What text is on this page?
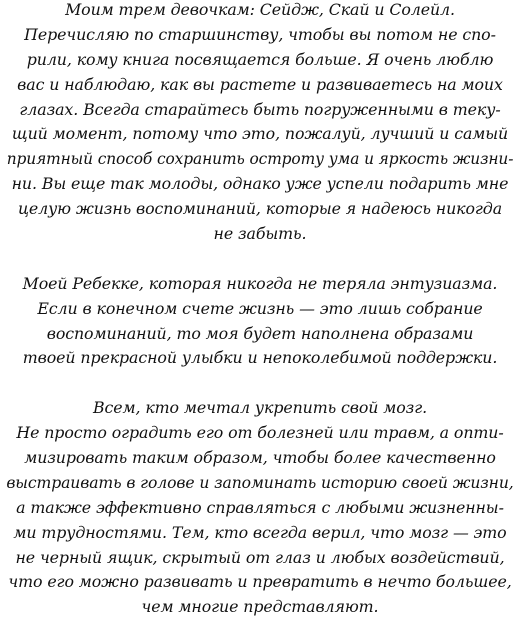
Моим трем девочкам: Сейдж, Скай и Солейл.
Перечисляю по старшинству, чтобы вы потом не спо-
рили, кому книга посвящается больше. Я очень люблю
вас и наблюдаю, как вы растете и развиваетесь на моих
глазах. Всегда старайтесь быть погруженными в теку-
щий момент, потому что это, пожалуй, лучший и самый
приятный способ сохранить остроту ума и яркость жизни-
ни. Вы еще так молоды, однако уже успели подарить мне
целую жизнь воспоминаний, которые я надеюсь никогда
не забыть.
Моей Ребекке, которая никогда не теряла энтузиазма.
Если в конечном счете жизнь — это лишь собрание
воспоминаний, то моя будет наполнена образами
твоей прекрасной улыбки и непоколебимой поддержки.
Всем, кто мечтал укрепить свой мозг.
Не просто оградить его от болезней или травм, а опти-
мизировать таким образом, чтобы более качественно
выстраивать в голове и запоминать историю своей жизни,
а также эффективно справляться с любыми жизненны-
ми трудностями. Тем, кто всегда верил, что мозг — это
не черный ящик, скрытый от глаз и любых воздействий,
что его можно развивать и превратить в нечто большее,
чем многие представляют.
